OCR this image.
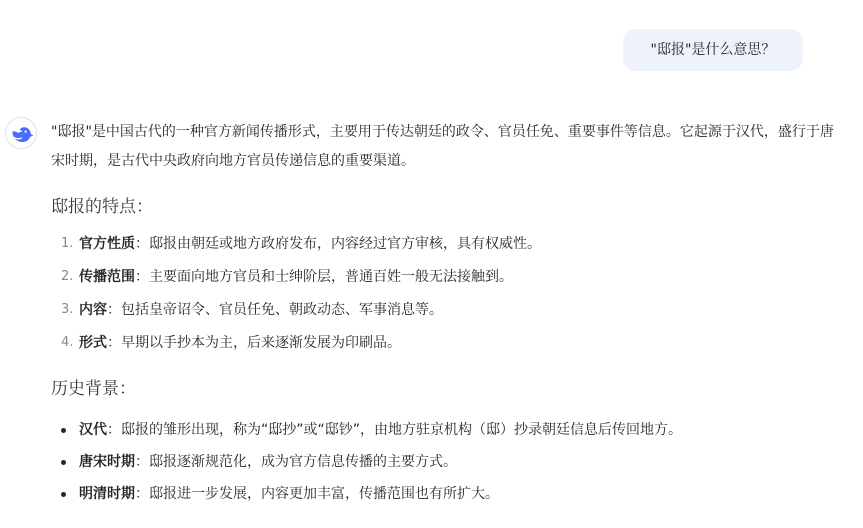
"邸报"是什么意思？

"邸报"是中国古代的一种官方新闻传播形式，主要用于传达朝廷的政令、官员任免、重要事件等信息。它起源于汉代，盛行于唐宋时期，是古代中央政府向地方官员传递信息的重要渠道。

邸报的特点：
1. 官方性质：邸报由朝廷或地方政府发布，内容经过官方审核，具有权威性。
2. 传播范围：主要面向地方官员和士绅阶层，普通百姓一般无法接触到。
3. 内容：包括皇帝诏令、官员任免、朝政动态、军事消息等。
4. 形式：早期以手抄本为主，后来逐渐发展为印刷品。
历史背景：
汉代：邸报的雏形出现，称为“邸抄”或“邸钞”，由地方驻京机构（邸）抄录朝廷信息后传回地方。
唐宋时期：邸报逐渐规范化，成为官方信息传播的主要方式。
明清时期：邸报进一步发展，内容更加丰富，传播范围也有所扩大。
